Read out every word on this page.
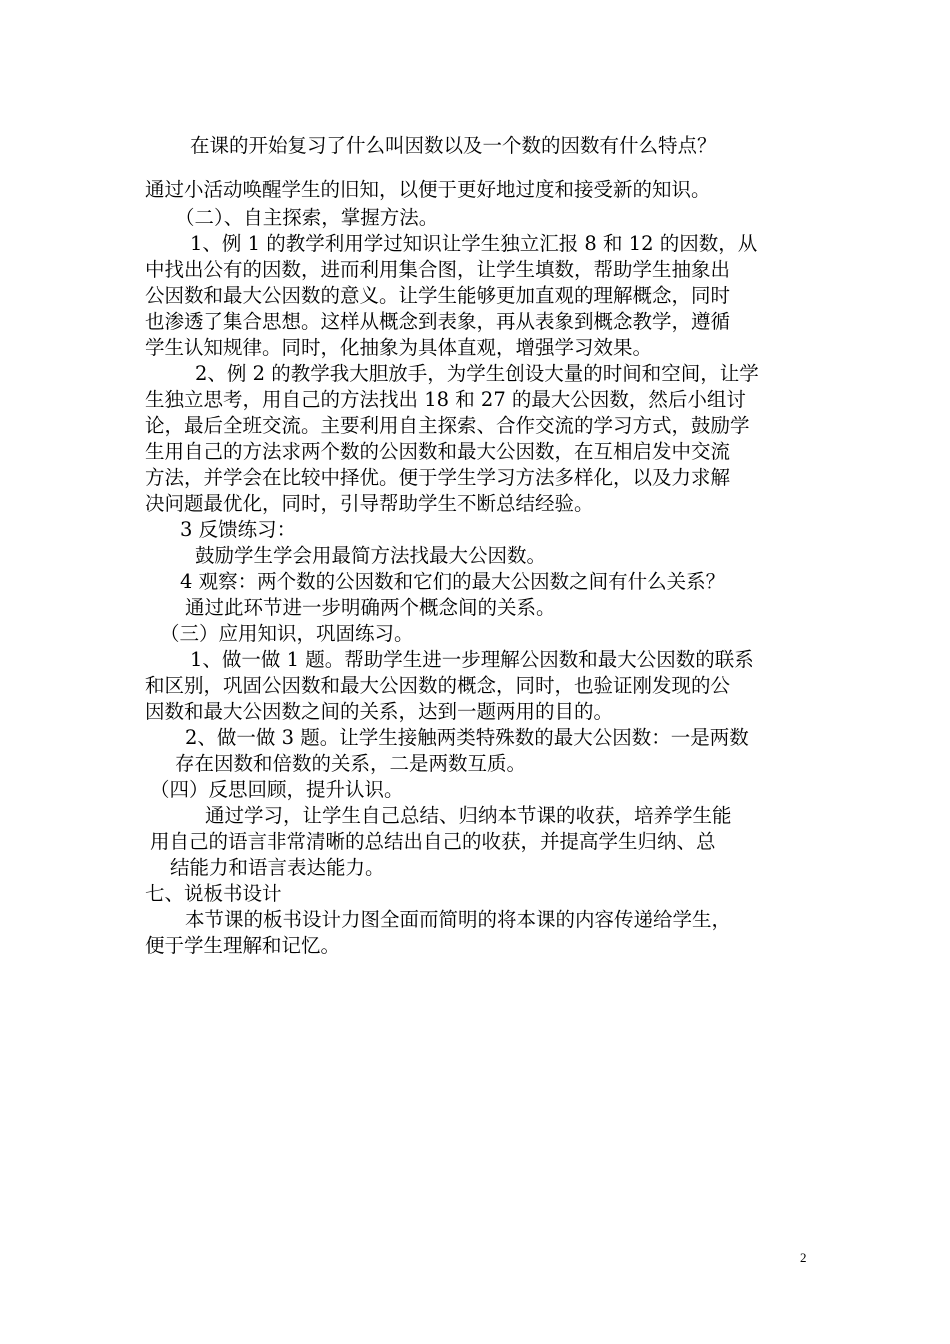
在课的开始复习了什么叫因数以及一个数的因数有什么特点？
通过小活动唤醒学生的旧知，以便于更好地过度和接受新的知识。
（二）、自主探索，掌握方法。
1、例 1 的教学利用学过知识让学生独立汇报 8 和 12 的因数，从
中找出公有的因数，进而利用集合图，让学生填数，帮助学生抽象出
公因数和最大公因数的意义。让学生能够更加直观的理解概念，同时
也渗透了集合思想。这样从概念到表象，再从表象到概念教学，遵循
学生认知规律。同时，化抽象为具体直观，增强学习效果。
2、例 2 的教学我大胆放手，为学生创设大量的时间和空间，让学
生独立思考，用自己的方法找出 18 和 27 的最大公因数，然后小组讨
论，最后全班交流。主要利用自主探索、合作交流的学习方式，鼓励学
生用自己的方法求两个数的公因数和最大公因数，在互相启发中交流
方法，并学会在比较中择优。便于学生学习方法多样化，以及力求解
决问题最优化，同时，引导帮助学生不断总结经验。
3 反馈练习：
鼓励学生学会用最简方法找最大公因数。
4 观察：两个数的公因数和它们的最大公因数之间有什么关系？
通过此环节进一步明确两个概念间的关系。
（三）应用知识，巩固练习。
1、做一做 1 题。帮助学生进一步理解公因数和最大公因数的联系
和区别，巩固公因数和最大公因数的概念，同时，也验证刚发现的公
因数和最大公因数之间的关系，达到一题两用的目的。
2、做一做 3 题。让学生接触两类特殊数的最大公因数：一是两数
存在因数和倍数的关系，二是两数互质。
（四）反思回顾，提升认识。
通过学习，让学生自己总结、归纳本节课的收获，培养学生能
用自己的语言非常清晰的总结出自己的收获，并提高学生归纳、总
结能力和语言表达能力。
七、说板书设计
本节课的板书设计力图全面而简明的将本课的内容传递给学生，
便于学生理解和记忆。
2
